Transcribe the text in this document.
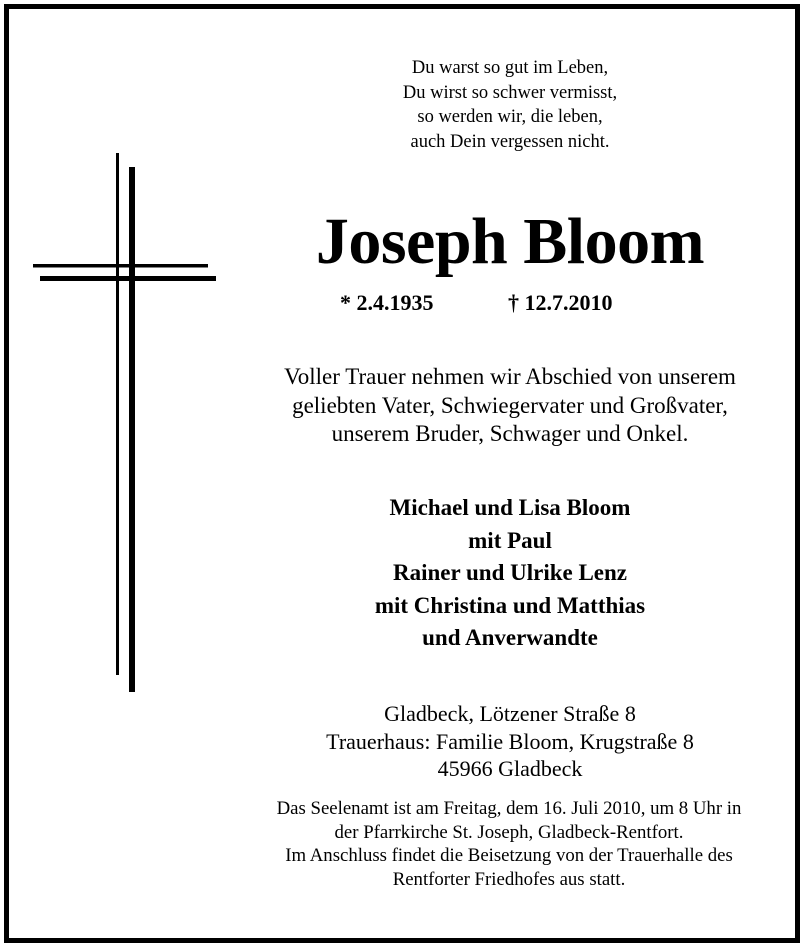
Du warst so gut im Leben,
Du wirst so schwer vermisst,
so werden wir, die leben,
auch Dein vergessen nicht.
Joseph Bloom
* 2.4.1935	† 12.7.2010
Voller Trauer nehmen wir Abschied von unserem
geliebten Vater, Schwiegervater und Großvater,
unserem Bruder, Schwager und Onkel.
Michael und Lisa Bloom
mit Paul
Rainer und Ulrike Lenz
mit Christina und Matthias
und Anverwandte
Gladbeck, Lötzener Straße 8
Trauerhaus: Familie Bloom, Krugstraße 8
45966 Gladbeck
Das Seelenamt ist am Freitag, dem 16. Juli 2010, um 8 Uhr in
der Pfarrkirche St. Joseph, Gladbeck-Rentfort.
Im Anschluss findet die Beisetzung von der Trauerhalle des
Rentforter Friedhofes aus statt.
